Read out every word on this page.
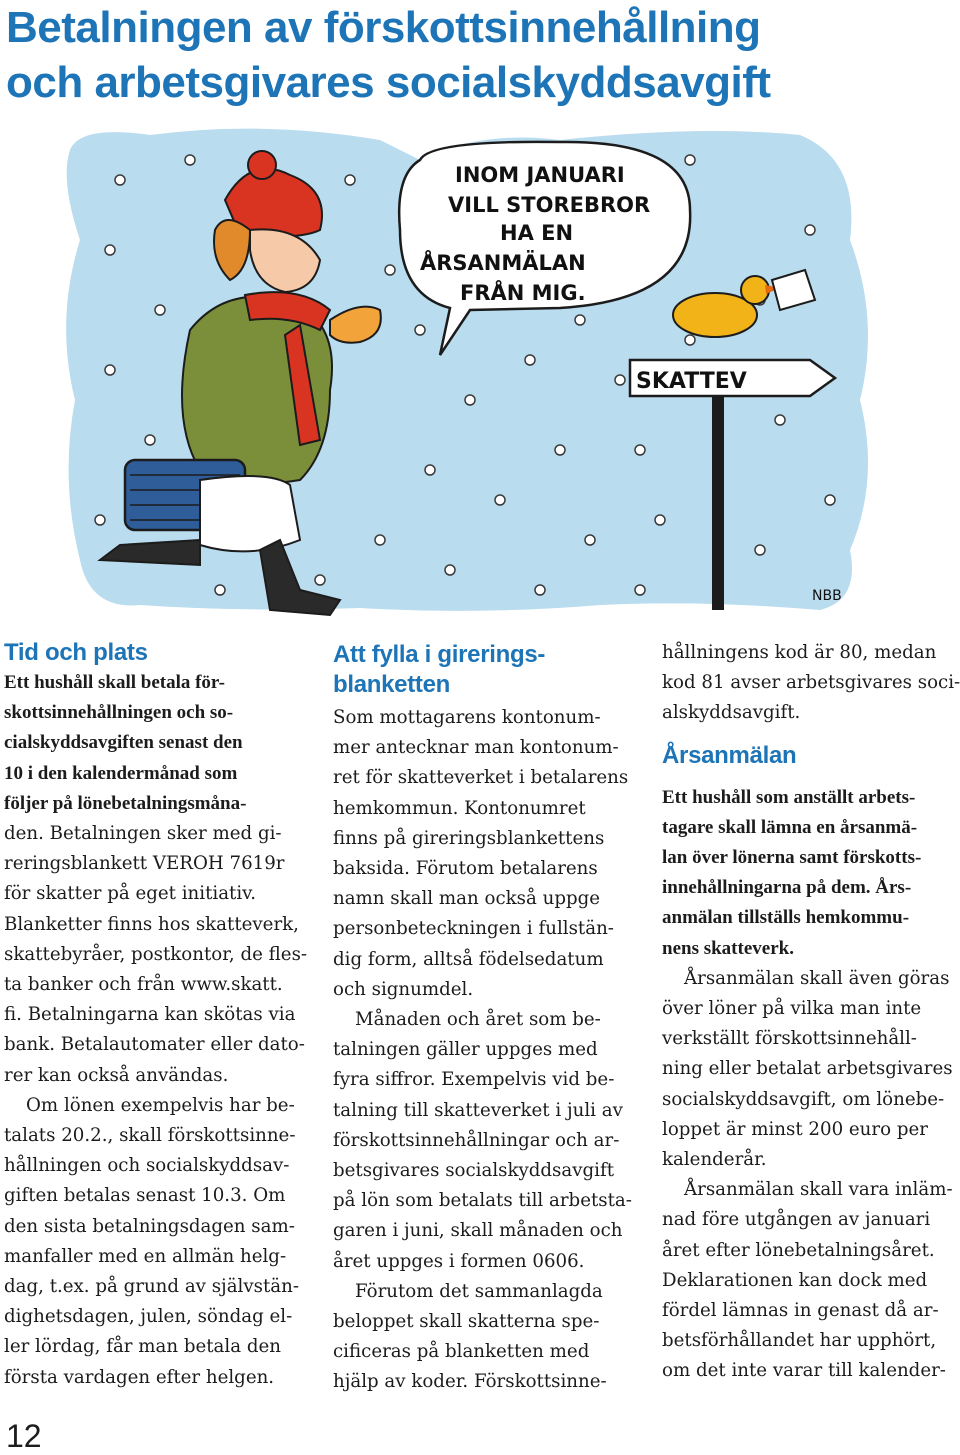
Betalningen av förskottsinnehållning
och arbetsgivares socialskyddsavgift
INOM JANUARI
VILL STOREBROR
HA EN
ÅRSANMÄLAN
FRÅN MIG.
SKATTEV
NBB
Tid och plats

Ett hushåll skall betala för-
skottsinnehållningen och so-
cialskyddsavgiften senast den
10 i den kalendermånad som
följer på lönebetalningsmåna-

den. Betalningen sker med gi-
reringsblankett VEROH 7619r
för skatter på eget initiativ.
Blanketter finns hos skatteverk,
skattebyråer, postkontor, de fles-
ta banker och från www.skatt.
fi. Betalningarna kan skötas via
bank. Betalautomater eller dato-
rer kan också användas.

Om lönen exempelvis har be-
talats 20.2., skall förskottsinne-
hållningen och socialskyddsav-
giften betalas senast 10.3. Om
den sista betalningsdagen sam-
manfaller med en allmän helg-
dag, t.ex. på grund av självstän-
dighetsdagen, julen, söndag el-
ler lördag, får man betala den
första vardagen efter helgen.

Att fylla i girerings-
blanketten

Som mottagarens kontonum-
mer antecknar man kontonum-
ret för skatteverket i betalarens
hemkommun. Kontonumret
finns på gireringsblankettens
baksida. Förutom betalarens
namn skall man också uppge
personbeteckningen i fullstän-
dig form, alltså födelsedatum
och signumdel.

Månaden och året som be-
talningen gäller uppges med
fyra siffror. Exempelvis vid be-
talning till skatteverket i juli av
förskottsinnehållningar och ar-
betsgivares socialskyddsavgift
på lön som betalats till arbetsta-
garen i juni, skall månaden och
året uppges i formen 0606.

Förutom det sammanlagda
beloppet skall skatterna spe-
cificeras på blanketten med
hjälp av koder. Förskottsinne-

hållningens kod är 80, medan
kod 81 avser arbetsgivares soci-
alskyddsavgift.

Årsanmälan

Ett hushåll som anställt arbets-
tagare skall lämna en årsanmä-
lan över lönerna samt förskotts-
innehållningarna på dem. Års-
anmälan tillställs hemkommu-
nens skatteverk.

Årsanmälan skall även göras
över löner på vilka man inte
verkställt förskottsinnehåll-
ning eller betalat arbetsgivares
socialskyddsavgift, om lönebe-
loppet är minst 200 euro per
kalenderår.

Årsanmälan skall vara inläm-
nad före utgången av januari
året efter lönebetalningsåret.
Deklarationen kan dock med
fördel lämnas in genast då ar-
betsförhållandet har upphört,
om det inte varar till kalender-

12
